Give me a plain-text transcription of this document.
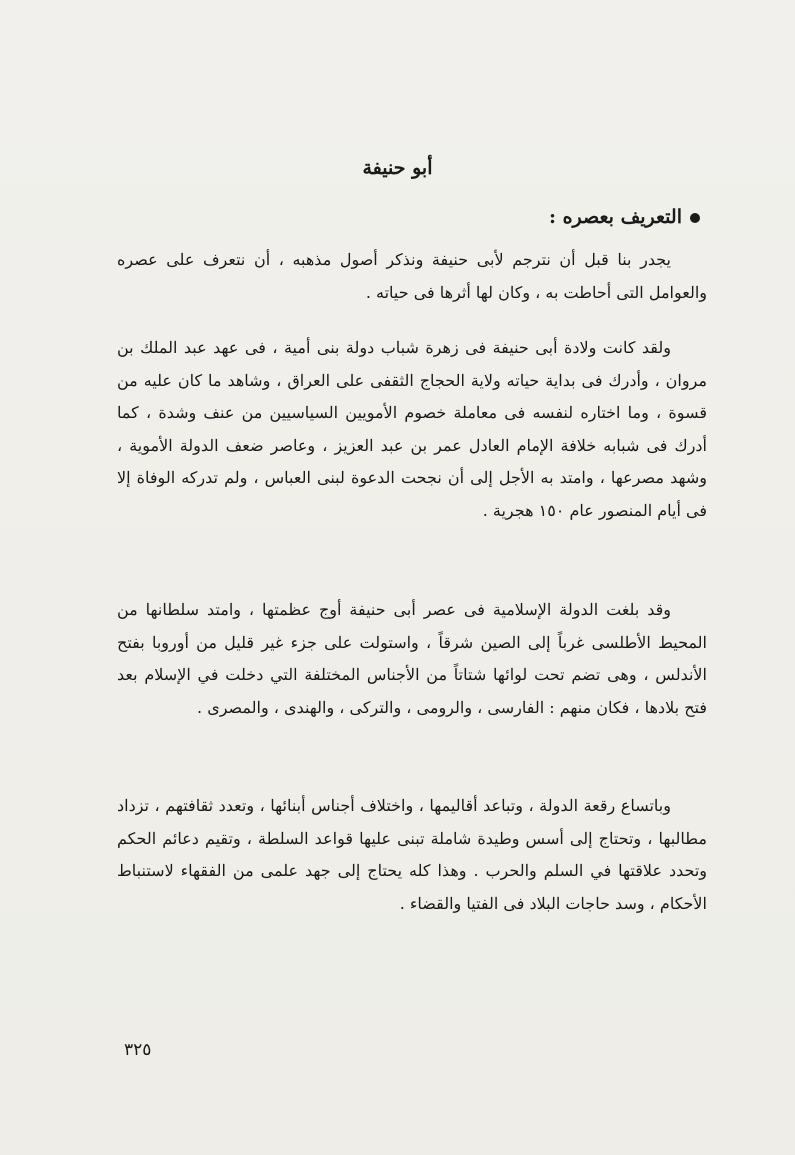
أبو حنيفة
التعريف بعصره :

يجدر بنا قبل أن نترجم لأبى حنيفة ونذكر أصول مذهبه ، أن نتعرف على عصره والعوامل التى أحاطت به ، وكان لها أثرها فى حياته .

ولقد كانت ولادة أبى حنيفة فى زهرة شباب دولة بنى أمية ، فى عهد عبد الملك بن مروان ، وأدرك فى بداية حياته ولاية الحجاج الثقفى على العراق ، وشاهد ما كان عليه من قسوة ، وما اختاره لنفسه فى معاملة خصوم الأمويين السياسيين من عنف وشدة ، كما أدرك فى شبابه خلافة الإمام العادل عمر بن عبد العزيز ، وعاصر ضعف الدولة الأموية ، وشهد مصرعها ، وامتد به الأجل إلى أن نجحت الدعوة لبنى العباس ، ولم تدركه الوفاة إلا فى أيام المنصور عام ١٥٠ هجرية .

وقد بلغت الدولة الإسلامية فى عصر أبى حنيفة أوج عظمتها ، وامتد سلطانها من المحيط الأطلسى غرباً إلى الصين شرقاً ، واستولت على جزء غير قليل من أوروبا بفتح الأندلس ، وهى تضم تحت لوائها شتاتاً من الأجناس المختلفة التي دخلت في الإسلام بعد فتح بلادها ، فكان منهم : الفارسى ، والرومى ، والتركى ، والهندى ، والمصرى .

وباتساع رقعة الدولة ، وتباعد أقاليمها ، واختلاف أجناس أبنائها ، وتعدد ثقافتهم ، تزداد مطالبها ، وتحتاج إلى أسس وطيدة شاملة تبنى عليها قواعد السلطة ، وتقيم دعائم الحكم وتحدد علاقتها في السلم والحرب . وهذا كله يحتاج إلى جهد علمى من الفقهاء لاستنباط الأحكام ، وسد حاجات البلاد فى الفتيا والقضاء .

٣٢٥
